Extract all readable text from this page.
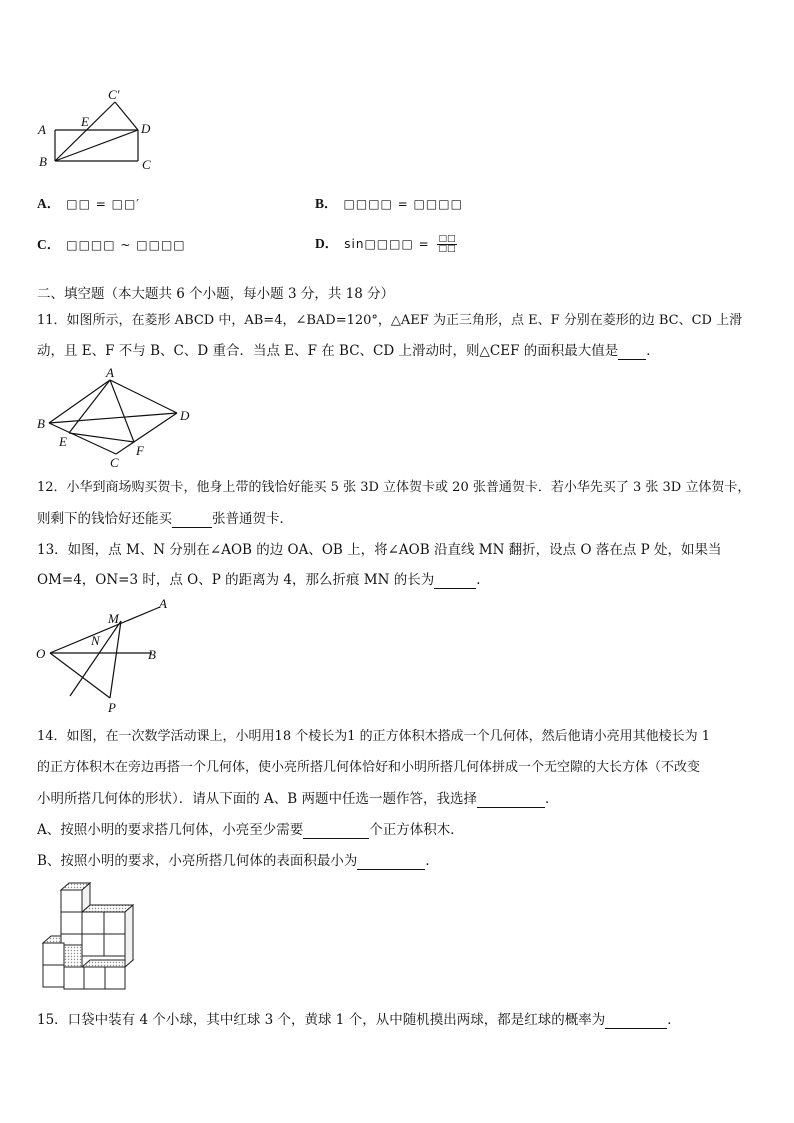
C′
E
A	D
B	C
A． □□ = □□′	B． □□□□ = □□□□
C． □□□□ ~ □□□□	D． sin□□□□ = $\frac{□□}{□□}$
二、填空题（本大题共 6 个小题，每小题 3 分，共 18 分）
11．如图所示，在菱形 ABCD 中，AB=4，∠BAD=120°，△AEF 为正三角形，点 E、F 分别在菱形的边 BC、CD 上滑
动，且 E、F 不与 B、C、D 重合．当点 E、F 在 BC、CD 上滑动时，则△CEF 的面积最大值是 ．
A
B
D
E
F
C
12．小华到商场购买贺卡，他身上带的钱恰好能买 5 张 3D 立体贺卡或 20 张普通贺卡．若小华先买了 3 张 3D 立体贺卡，
则剩下的钱恰好还能买	张普通贺卡．
13．如图，点 M、N 分别在∠AOB 的边 OA、OB 上，将∠AOB 沿直线 MN 翻折，设点 O 落在点 P 处，如果当
OM=4，ON=3 时，点 O、P 的距离为 4，那么折痕 MN 的长为	．
A
M
N
O	B
P
14．如图，在一次数学活动课上，小明用18 个棱长为1 的正方体积木搭成一个几何体，然后他请小亮用其他棱长为 1
的正方体积木在旁边再搭一个几何体，使小亮所搭几何体恰好和小明所搭几何体拼成一个无空隙的大长方体（不改变
小明所搭几何体的形状）．请从下面的 A、B 两题中任选一题作答，我选择	．
A、按照小明的要求搭几何体，小亮至少需要	个正方体积木．
B、按照小明的要求，小亮所搭几何体的表面积最小为	．
15．口袋中装有 4 个小球，其中红球 3 个，黄球 1 个，从中随机摸出两球，都是红球的概率为	．
